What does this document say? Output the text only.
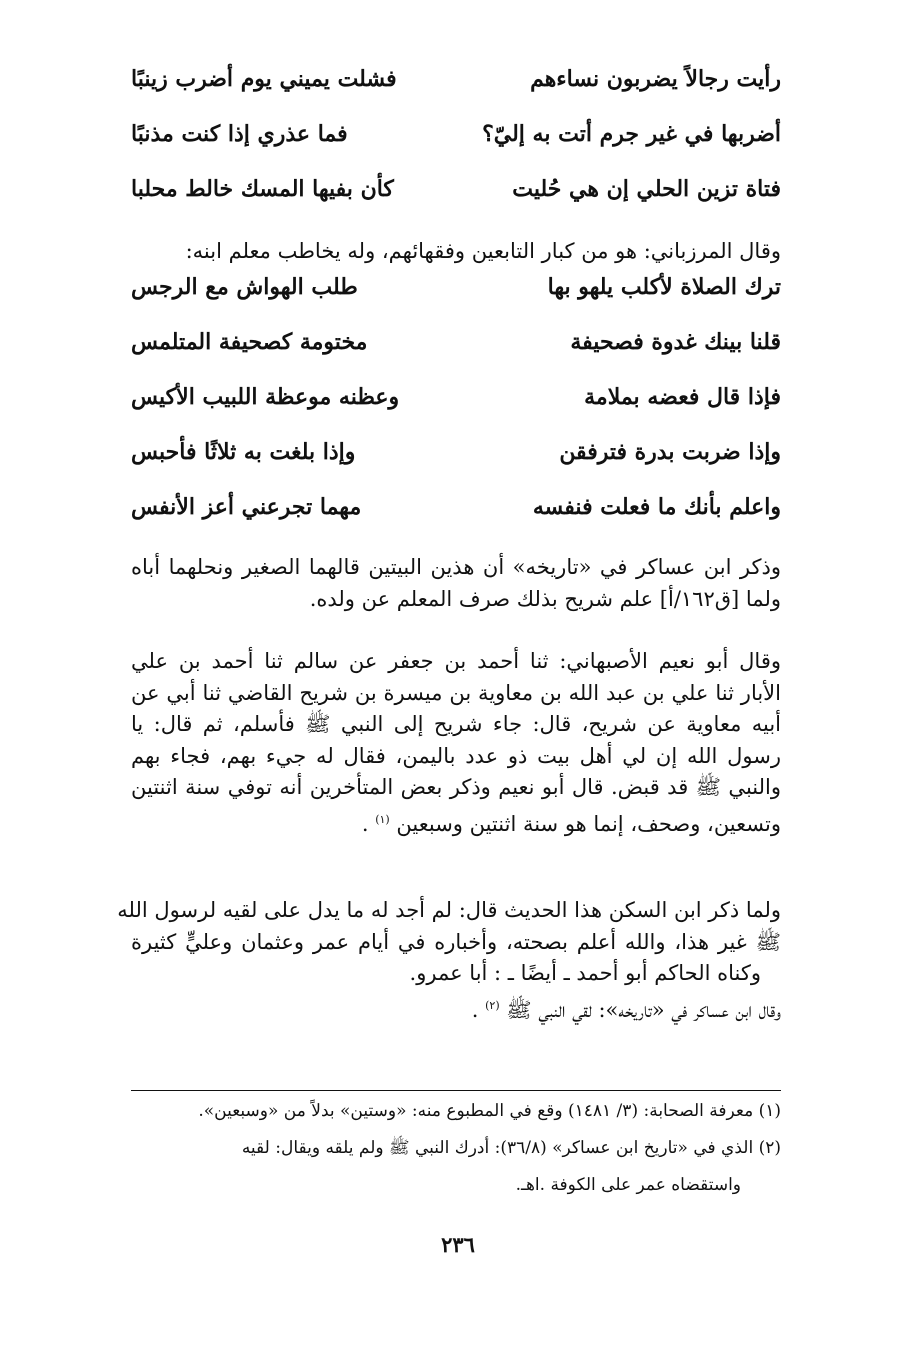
رأيت رجالاً يضربون نساءهم
فشلت يميني يوم أضرب زينبًا
أضربها في غير جرم أتت به إليّ؟
فما عذري إذا كنت مذنبًا
فتاة تزين الحلي إن هي حُليت
كأن بفيها المسك خالط محلبا
وقال المرزباني: هو من كبار التابعين وفقهائهم، وله يخاطب معلم ابنه:
ترك الصلاة لأكلب يلهو بها
طلب الهواش مع الرجس
قلنا بينك غدوة فصحيفة
مختومة كصحيفة المتلمس
فإذا قال فعضه بملامة
وعظنه موعظة اللبيب الأكيس
وإذا ضربت بدرة فترفقن
وإذا بلغت به ثلاثًا فأحبس
واعلم بأنك ما فعلت فنفسه
مهما تجرعني أعز الأنفس
وذكر ابن عساكر في «تاريخه» أن هذين البيتين قالهما الصغير ونحلهما أباه
ولما [ق١٦٢/أ] علم شريح بذلك صرف المعلم عن ولده.
وقال أبو نعيم الأصبهاني: ثنا أحمد بن جعفر عن سالم ثنا أحمد بن علي
الأبار ثنا علي بن عبد الله بن معاوية بن ميسرة بن شريح القاضي ثنا أبي عن
أبيه معاوية عن شريح، قال: جاء شريح إلى النبي ﷺ فأسلم، ثم قال: يا
رسول الله إن لي أهل بيت ذو عدد باليمن، فقال له جيء بهم، فجاء بهم
والنبي ﷺ قد قبض. قال أبو نعيم وذكر بعض المتأخرين أنه توفي سنة اثنتين
وتسعين، وصحف، إنما هو سنة اثنتين وسبعين $^{(١)}$ .
ولما ذكر ابن السكن هذا الحديث قال: لم أجد له ما يدل على لقيه لرسول الله
ﷺ غير هذا، والله أعلم بصحته، وأخباره في أيام عمر وعثمان وعليٍّ كثيرة
وكناه الحاكم أبو أحمد ـ أيضًا ـ : أبا عمرو.
وقال ابن عساكر في «تاريخه»: لقي النبي ﷺ $^{(٢)}$ .
(١) معرفة الصحابة: (٣/ ١٤٨١) وقع في المطبوع منه: «وستين» بدلاً من «وسبعين».
(٢) الذي في «تاريخ ابن عساكر» (٣٦/٨): أدرك النبي ﷺ ولم يلقه ويقال: لقيه
واستقضاه عمر على الكوفة .اهـ.
٢٣٦
